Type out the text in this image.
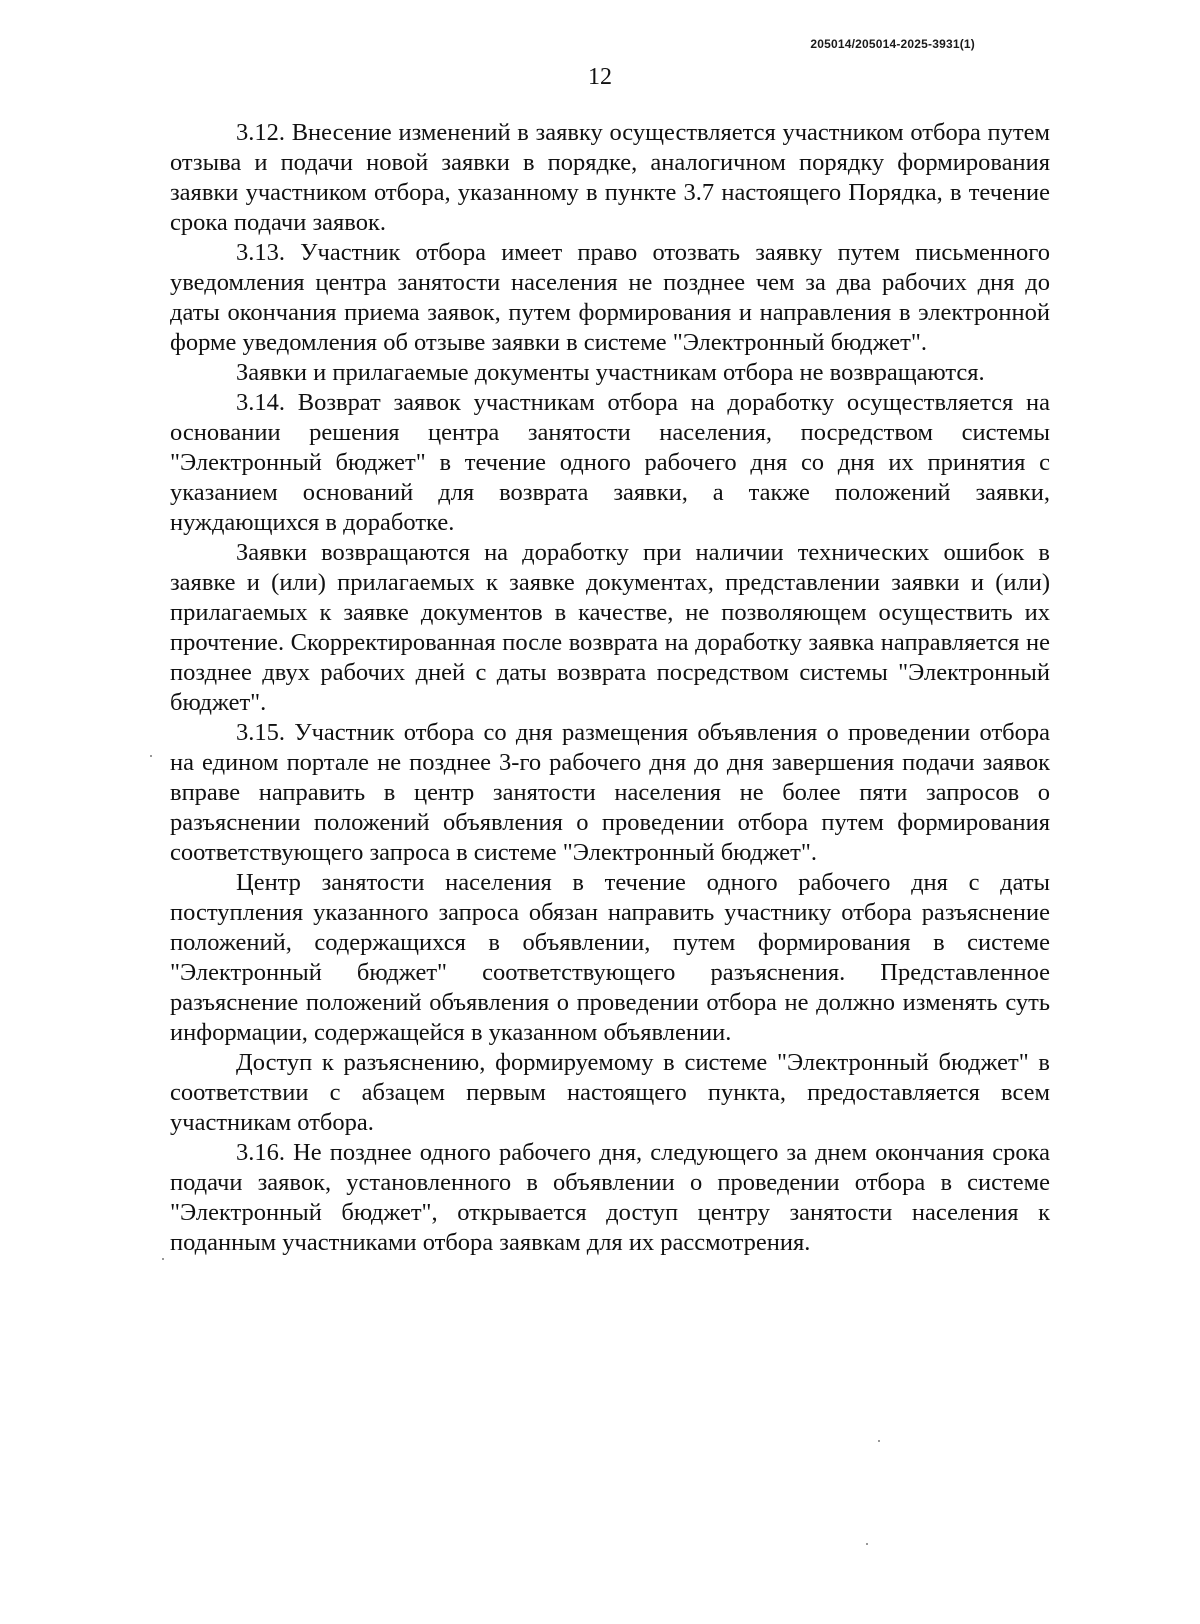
205014/205014-2025-3931(1)
12

3.12. Внесение изменений в заявку осуществляется участником отбора путем отзыва и подачи новой заявки в порядке, аналогичном порядку формирования заявки участником отбора, указанному в пункте 3.7 настоящего Порядка, в течение срока подачи заявок.

3.13. Участник отбора имеет право отозвать заявку путем письменного уведомления центра занятости населения не позднее чем за два рабочих дня до даты окончания приема заявок, путем формирования и направления в электронной форме уведомления об отзыве заявки в системе "Электронный бюджет".

Заявки и прилагаемые документы участникам отбора не возвращаются.

3.14. Возврат заявок участникам отбора на доработку осуществляется на основании решения центра занятости населения, посредством системы "Электронный бюджет" в течение одного рабочего дня со дня их принятия с указанием оснований для возврата заявки, а также положений заявки, нуждающихся в доработке.

Заявки возвращаются на доработку при наличии технических ошибок в заявке и (или) прилагаемых к заявке документах, представлении заявки и (или) прилагаемых к заявке документов в качестве, не позволяющем осуществить их прочтение. Скорректированная после возврата на доработку заявка направляется не позднее двух рабочих дней с даты возврата посредством системы "Электронный бюджет".

3.15. Участник отбора со дня размещения объявления о проведении отбора на едином портале не позднее 3-го рабочего дня до дня завершения подачи заявок вправе направить в центр занятости населения не более пяти запросов о разъяснении положений объявления о проведении отбора путем формирования соответствующего запроса в системе "Электронный бюджет".

Центр занятости населения в течение одного рабочего дня с даты поступления указанного запроса обязан направить участнику отбора разъяснение положений, содержащихся в объявлении, путем формирования в системе "Электронный бюджет" соответствующего разъяснения. Представленное разъяснение положений объявления о проведении отбора не должно изменять суть информации, содержащейся в указанном объявлении.

Доступ к разъяснению, формируемому в системе "Электронный бюджет" в соответствии с абзацем первым настоящего пункта, предоставляется всем участникам отбора.

3.16. Не позднее одного рабочего дня, следующего за днем окончания срока подачи заявок, установленного в объявлении о проведении отбора в системе "Электронный бюджет", открывается доступ центру занятости населения к поданным участниками отбора заявкам для их рассмотрения.
